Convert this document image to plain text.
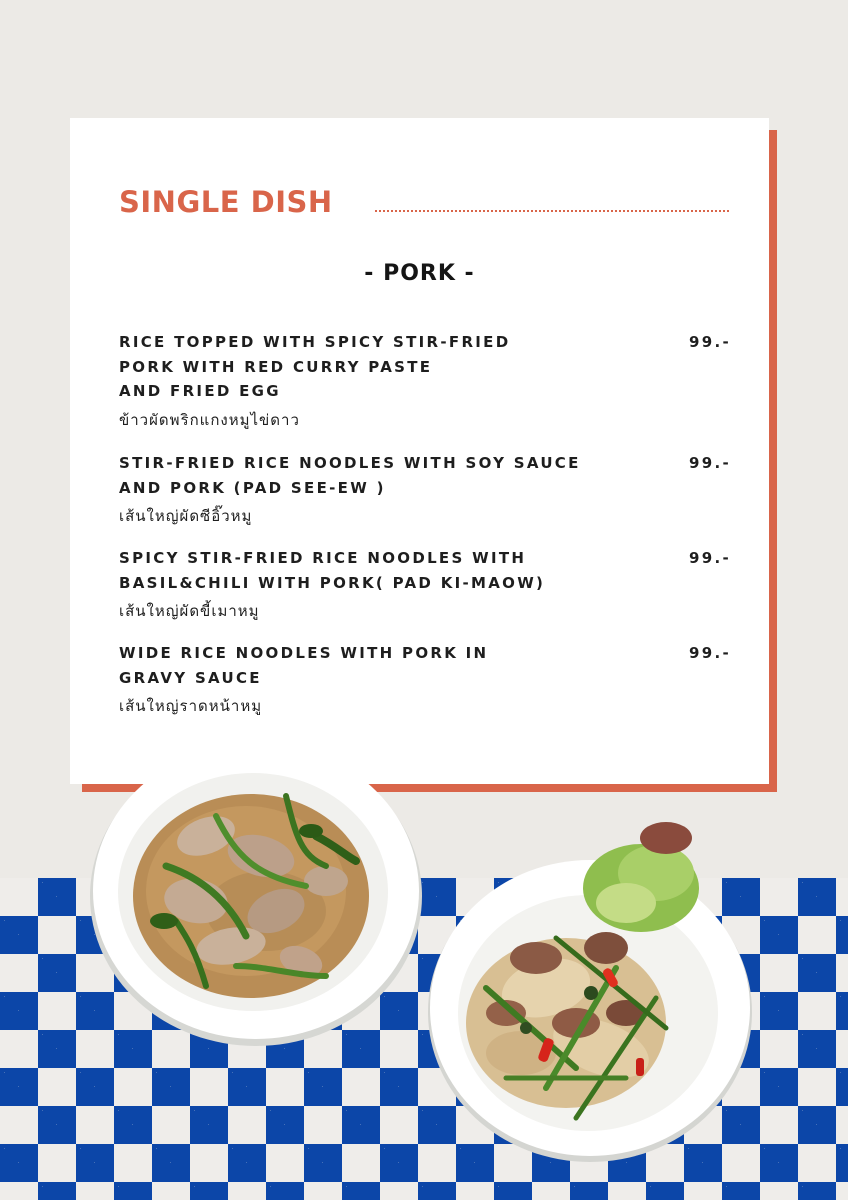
SINGLE DISH
- PORK -
RICE TOPPED WITH SPICY STIR-FRIED
PORK WITH RED CURRY PASTE
AND FRIED EGG
ข้าวผัดพริกแกงหมูไข่ดาว
99.-
STIR-FRIED RICE NOODLES WITH SOY SAUCE
AND PORK (PAD SEE-EW )
เส้นใหญ่ผัดซีอิ๊วหมู
99.-
SPICY STIR-FRIED RICE NOODLES WITH
BASIL&CHILI WITH PORK( PAD KI-MAOW)
เส้นใหญ่ผัดขี้เมาหมู
99.-
WIDE RICE NOODLES WITH PORK IN
GRAVY SAUCE
เส้นใหญ่ราดหน้าหมู
99.-
